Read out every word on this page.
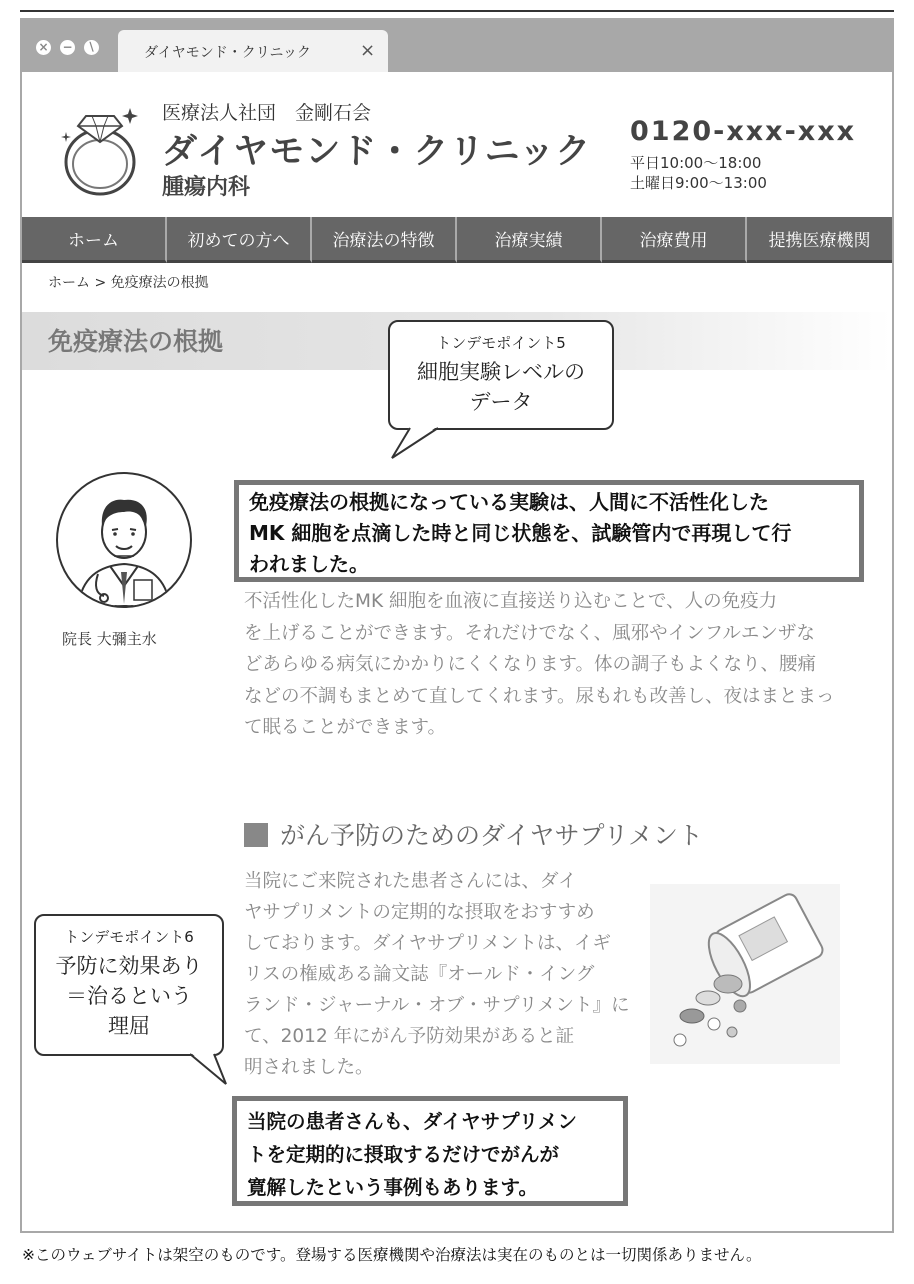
× − ∖	ダイヤモンド・クリニック	×
医療法人社団　金剛石会
ダイヤモンド・クリニック
腫瘍内科
0120-xxx-xxx
平日10:00〜18:00
土曜日9:00〜13:00
ホーム	初めての方へ	治療法の特徴	治療実績	治療費用	提携医療機関
ホーム > 免疫療法の根拠
免疫療法の根拠	トンデモポイント5
細胞実験レベルの
データ
院長 大彌主水
免疫療法の根拠になっている実験は、人間に不活性化した
MK 細胞を点滴した時と同じ状態を、試験管内で再現して行
われました。
不活性化したMK 細胞を血液に直接送り込むことで、人の免疫力
を上げることができます。それだけでなく、風邪やインフルエンザな
どあらゆる病気にかかりにくくなります。体の調子もよくなり、腰痛
などの不調もまとめて直してくれます。尿もれも改善し、夜はまとまっ
て眠ることができます。
がん予防のためのダイヤサプリメント
当院にご来院された患者さんには、ダイ
ヤサプリメントの定期的な摂取をおすすめ
しております。ダイヤサプリメントは、イギ
リスの権威ある論文誌『オールド・イング
ランド・ジャーナル・オブ・サプリメント』に
て、2012 年にがん予防効果があると証
明されました。
トンデモポイント6
予防に効果あり
＝治るという
理屈
当院の患者さんも、ダイヤサプリメン
トを定期的に摂取するだけでがんが
寛解したという事例もあります。
※このウェブサイトは架空のものです。登場する医療機関や治療法は実在のものとは一切関係ありません。
